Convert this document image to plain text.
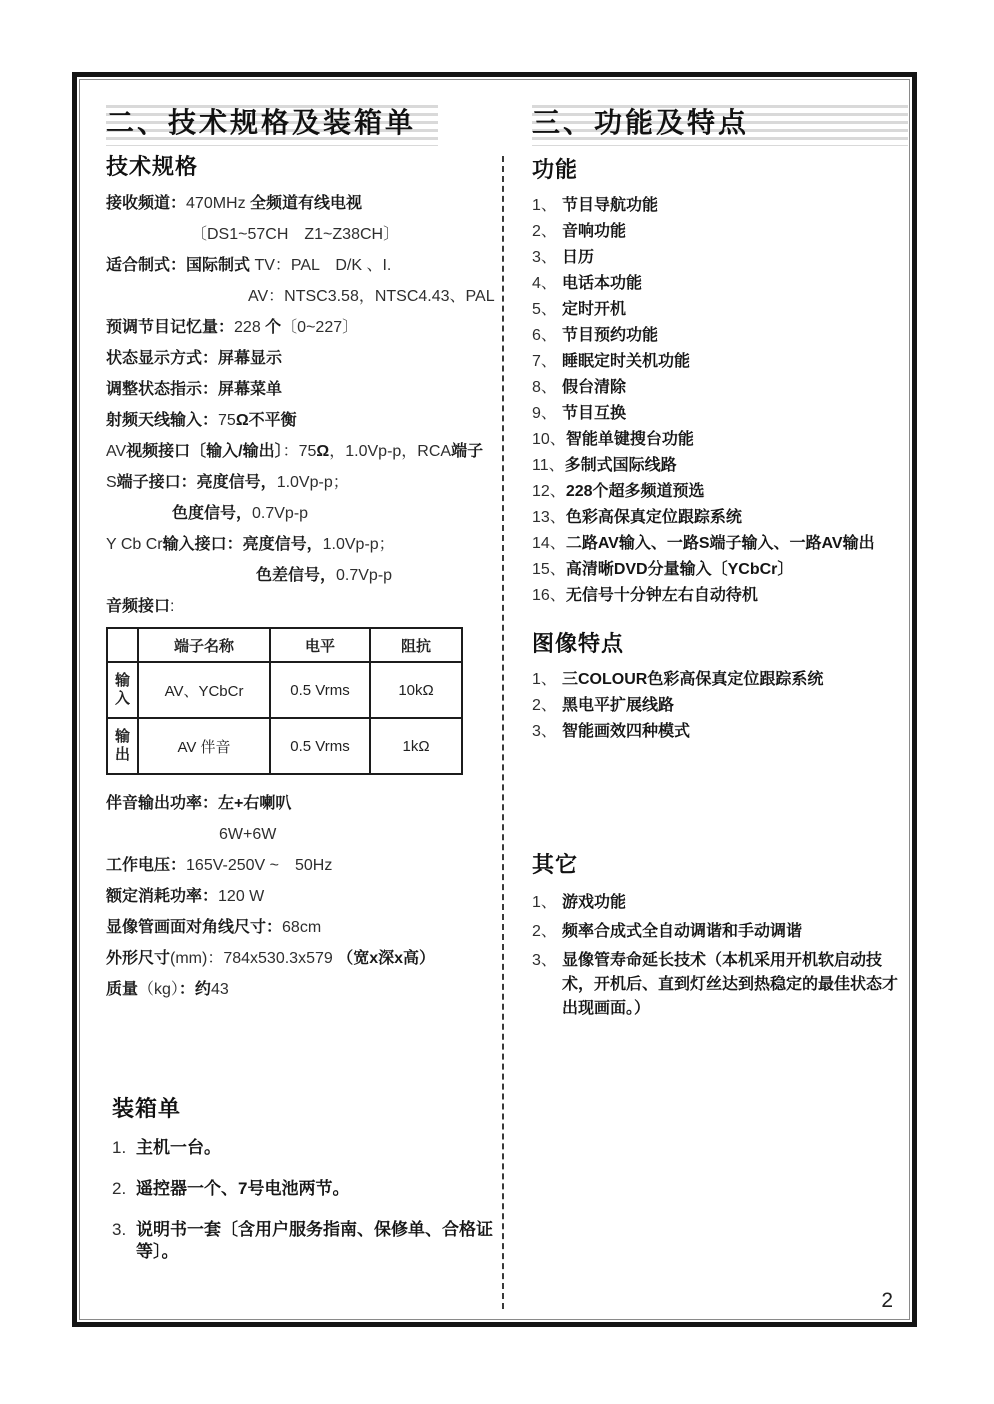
二、技术规格及装箱单
技术规格
接收频道：470MHz 全频道有线电视
〔DS1~57CH　Z1~Z38CH〕
适合制式：国际制式 TV：PAL　D/K 、I.
AV：NTSC3.58，NTSC4.43、PAL
预调节目记忆量：228 个〔0~227〕
状态显示方式：屏幕显示
调整状态指示：屏幕菜单
射频天线输入：75Ω不平衡
AV视频接口〔输入/输出〕：75Ω，1.0Vp-p，RCA端子
S端子接口：亮度信号，1.0Vp-p；
色度信号，0.7Vp-p
Y Cb Cr输入接口：亮度信号，1.0Vp-p；
色差信号，0.7Vp-p
音频接口:
	端子名称	电平	阻抗
输入	AV、YCbCr	0.5 Vrms	10kΩ
输出	AV 伴音	0.5 Vrms	1kΩ
伴音输出功率：左+右喇叭
6W+6W
工作电压：165V-250V ~　50Hz
额定消耗功率：120 W
显像管画面对角线尺寸：68cm
外形尺寸(mm)：784x530.3x579 （宽x深x高）
质量（kg）：约43
装箱单
1. 主机一台。
2. 遥控器一个、7号电池两节。
3. 说明书一套〔含用户服务指南、保修单、合格证等〕。
三、功能及特点
功能
1、 节目导航功能
2、 音响功能
3、 日历
4、 电话本功能
5、 定时开机
6、 节目预约功能
7、 睡眠定时关机功能
8、 假台清除
9、 节目互换
10、 智能单键搜台功能
11、 多制式国际线路
12、 228个超多频道预选
13、 色彩高保真定位跟踪系统
14、 二路AV输入、一路S端子输入、一路AV输出
15、 高清晰DVD分量输入〔YCbCr〕
16、 无信号十分钟左右自动待机
图像特点
1、 三COLOUR色彩高保真定位跟踪系统
2、 黑电平扩展线路
3、 智能画效四种模式
其它
1、 游戏功能
2、 频率合成式全自动调谐和手动调谐
3、 显像管寿命延长技术（本机采用开机软启动技术，开机后、直到灯丝达到热稳定的最佳状态才出现画面。）
2
